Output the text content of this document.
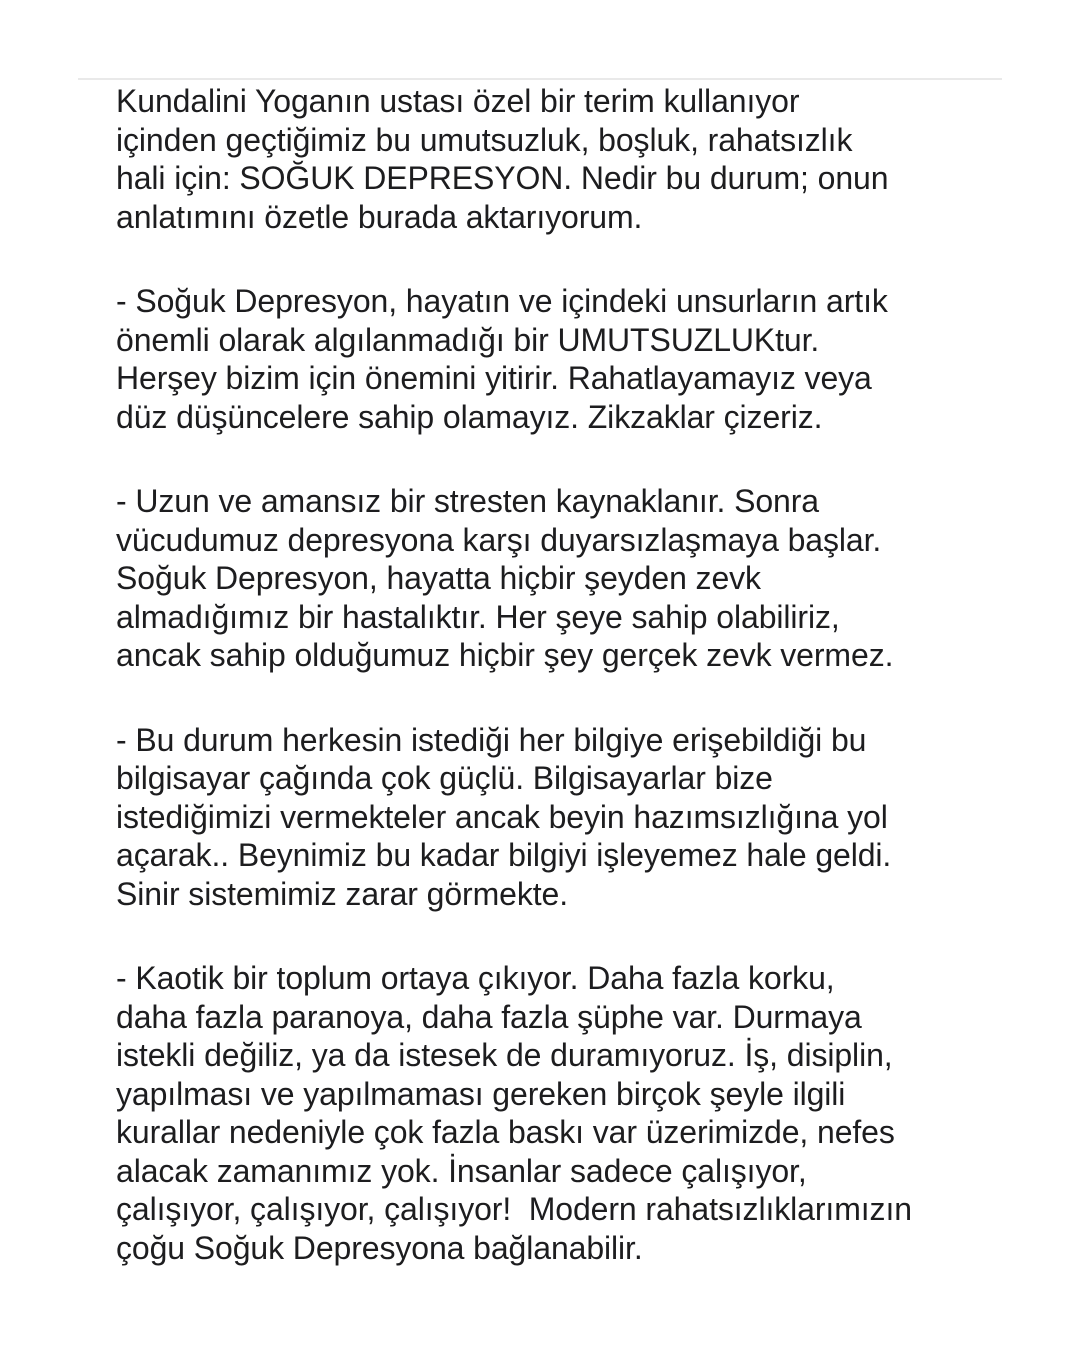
Kundalini Yoganın ustası özel bir terim kullanıyor
içinden geçtiğimiz bu umutsuzluk, boşluk, rahatsızlık
hali için: SOĞUK DEPRESYON. Nedir bu durum; onun
anlatımını özetle burada aktarıyorum.

- Soğuk Depresyon, hayatın ve içindeki unsurların artık
önemli olarak algılanmadığı bir UMUTSUZLUKtur.
Herşey bizim için önemini yitirir. Rahatlayamayız veya
düz düşüncelere sahip olamayız. Zikzaklar çizeriz.

- Uzun ve amansız bir stresten kaynaklanır. Sonra
vücudumuz depresyona karşı duyarsızlaşmaya başlar.
Soğuk Depresyon, hayatta hiçbir şeyden zevk
almadığımız bir hastalıktır. Her şeye sahip olabiliriz,
ancak sahip olduğumuz hiçbir şey gerçek zevk vermez.

- Bu durum herkesin istediği her bilgiye erişebildiği bu
bilgisayar çağında çok güçlü. Bilgisayarlar bize
istediğimizi vermekteler ancak beyin hazımsızlığına yol
açarak.. Beynimiz bu kadar bilgiyi işleyemez hale geldi.
Sinir sistemimiz zarar görmekte.

- Kaotik bir toplum ortaya çıkıyor. Daha fazla korku,
daha fazla paranoya, daha fazla şüphe var. Durmaya
istekli değiliz, ya da istesek de duramıyoruz. İş, disiplin,
yapılması ve yapılmaması gereken birçok şeyle ilgili
kurallar nedeniyle çok fazla baskı var üzerimizde, nefes
alacak zamanımız yok. İnsanlar sadece çalışıyor,
çalışıyor, çalışıyor, çalışıyor!  Modern rahatsızlıklarımızın
çoğu Soğuk Depresyona bağlanabilir.
